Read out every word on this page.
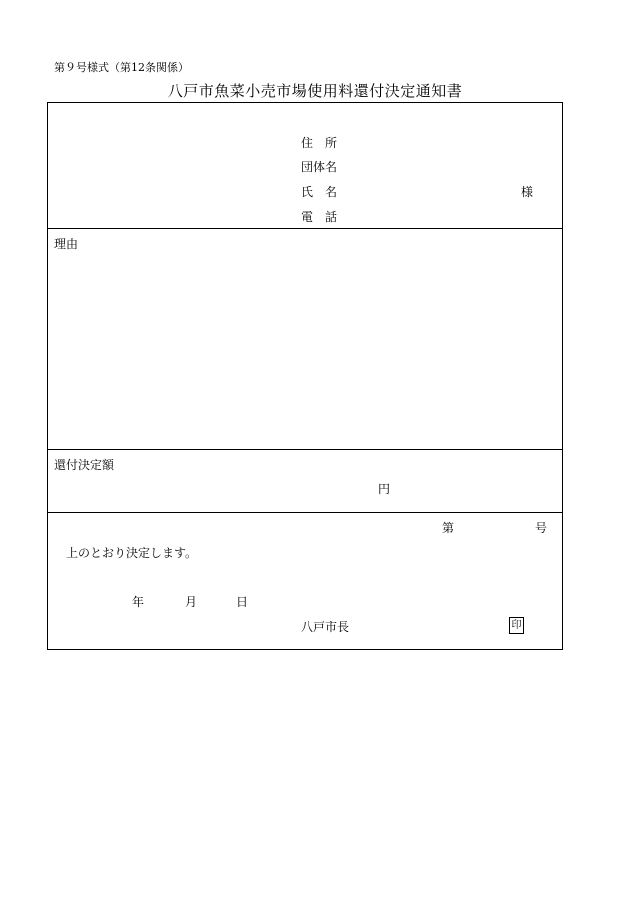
第９号様式（第12条関係）
八戸市魚菜小売市場使用料還付決定通知書
住　所
団体名
氏　名	様
電　話
理由
還付決定額
円
第	号
上のとおり決定します。
年	月	日
八戸市長	印
